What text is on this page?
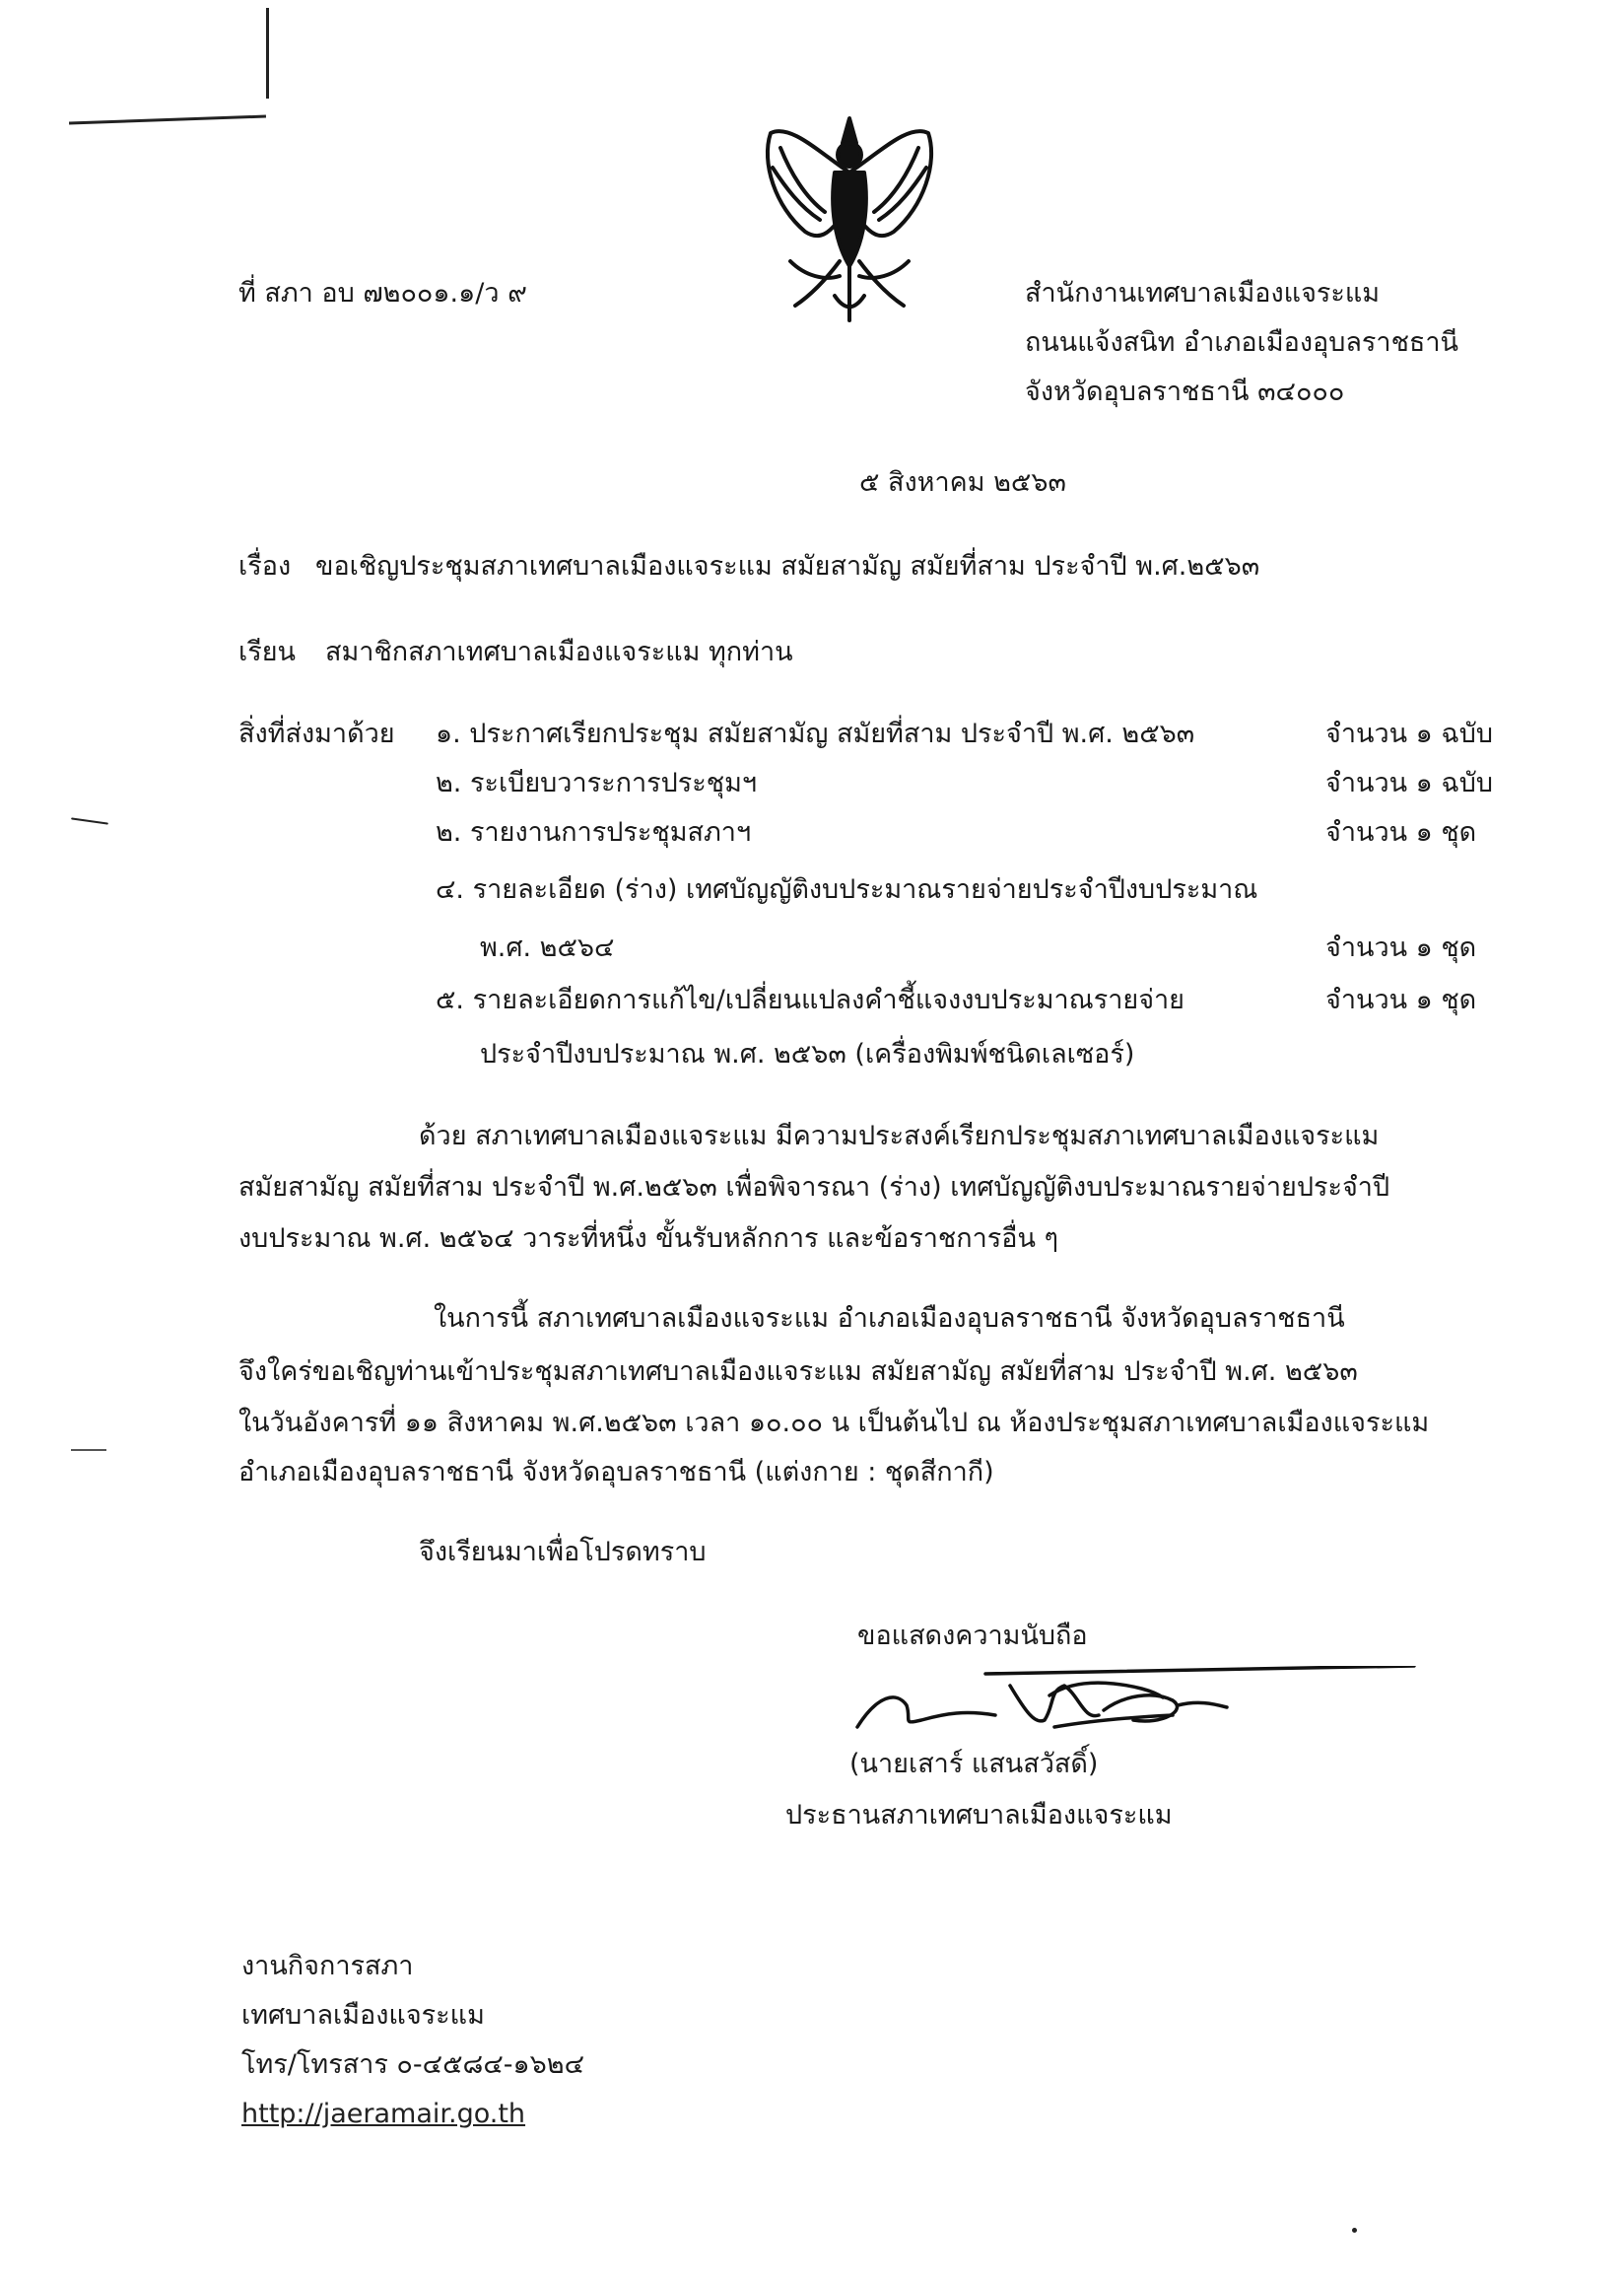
ที่ สภา อบ ๗๒๐๐๑.๑/ว ๙	สำนักงานเทศบาลเมืองแจระแม
ถนนแจ้งสนิท อำเภอเมืองอุบลราชธานี
จังหวัดอุบลราชธานี ๓๔๐๐๐
๕ สิงหาคม ๒๕๖๓
เรื่อง ขอเชิญประชุมสภาเทศบาลเมืองแจระแม สมัยสามัญ สมัยที่สาม ประจำปี พ.ศ.๒๕๖๓
เรียน สมาชิกสภาเทศบาลเมืองแจระแม ทุกท่าน
สิ่งที่ส่งมาด้วย ๑. ประกาศเรียกประชุม สมัยสามัญ สมัยที่สาม ประจำปี พ.ศ. ๒๕๖๓	จำนวน ๑ ฉบับ
๒. ระเบียบวาระการประชุมฯ	จำนวน ๑ ฉบับ
๒. รายงานการประชุมสภาฯ	จำนวน ๑ ชุด
๔. รายละเอียด (ร่าง) เทศบัญญัติงบประมาณรายจ่ายประจำปีงบประมาณ
พ.ศ. ๒๕๖๔	จำนวน ๑ ชุด
๕. รายละเอียดการแก้ไข/เปลี่ยนแปลงคำชี้แจงงบประมาณรายจ่าย	จำนวน ๑ ชุด
ประจำปีงบประมาณ พ.ศ. ๒๕๖๓ (เครื่องพิมพ์ชนิดเลเซอร์)
ด้วย สภาเทศบาลเมืองแจระแม มีความประสงค์เรียกประชุมสภาเทศบาลเมืองแจระแม
สมัยสามัญ สมัยที่สาม ประจำปี พ.ศ.๒๕๖๓ เพื่อพิจารณา (ร่าง) เทศบัญญัติงบประมาณรายจ่ายประจำปี
งบประมาณ พ.ศ. ๒๕๖๔ วาระที่หนึ่ง ขั้นรับหลักการ และข้อราชการอื่น ๆ
ในการนี้ สภาเทศบาลเมืองแจระแม อำเภอเมืองอุบลราชธานี จังหวัดอุบลราชธานี
จึงใคร่ขอเชิญท่านเข้าประชุมสภาเทศบาลเมืองแจระแม สมัยสามัญ สมัยที่สาม ประจำปี พ.ศ. ๒๕๖๓
ในวันอังคารที่ ๑๑ สิงหาคม พ.ศ.๒๕๖๓ เวลา ๑๐.๐๐ น เป็นต้นไป ณ ห้องประชุมสภาเทศบาลเมืองแจระแม
อำเภอเมืองอุบลราชธานี จังหวัดอุบลราชธานี (แต่งกาย : ชุดสีกากี)
จึงเรียนมาเพื่อโปรดทราบ
ขอแสดงความนับถือ
(นายเสาร์ แสนสวัสดิ์)
ประธานสภาเทศบาลเมืองแจระแม
งานกิจการสภา
เทศบาลเมืองแจระแม
โทร/โทรสาร ๐-๔๕๘๔-๑๖๒๔
http://jaeramair.go.th
